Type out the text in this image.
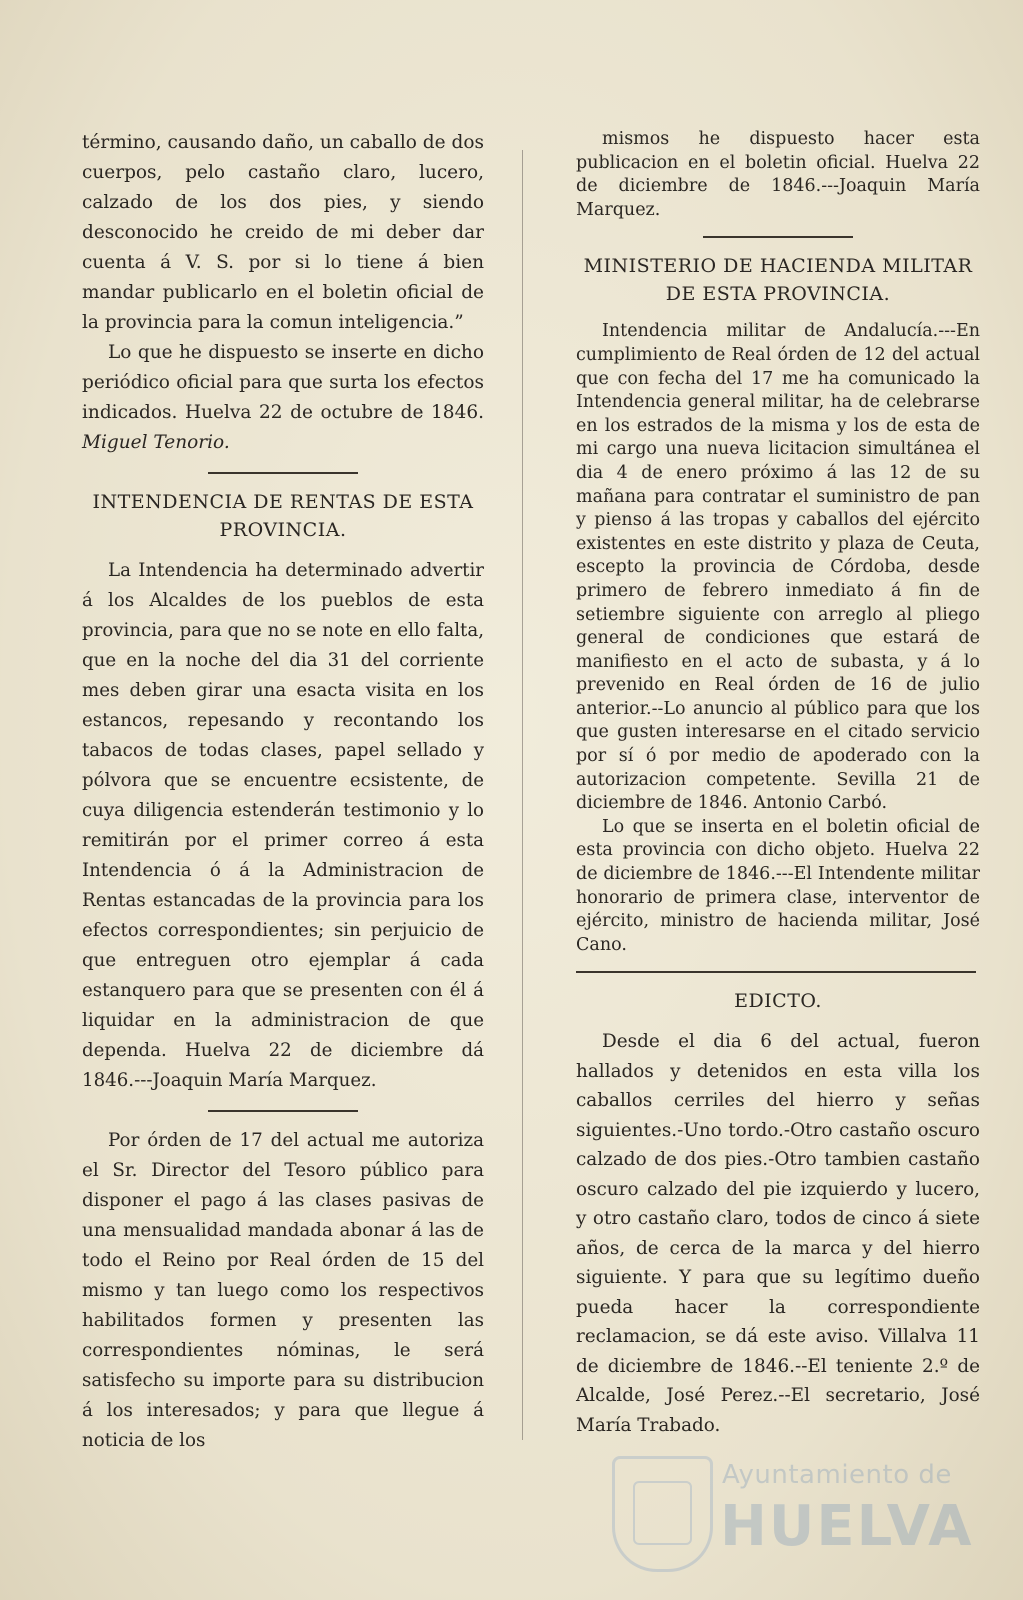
término, causando daño, un caballo de dos cuerpos, pelo castaño claro, lucero, calzado de los dos pies, y siendo desconocido he creido de mi deber dar cuenta á V. S. por si lo tiene á bien mandar publicarlo en el boletin oficial de la provincia para la comun inteligencia.”

Lo que he dispuesto se inserte en dicho periódico oficial para que surta los efectos indicados. Huelva 22 de octubre de 1846. Miguel Tenorio.

INTENDENCIA DE RENTAS DE ESTA PROVINCIA.

La Intendencia ha determinado advertir á los Alcaldes de los pueblos de esta provincia, para que no se note en ello falta, que en la noche del dia 31 del corriente mes deben girar una esacta visita en los estancos, repesando y recontando los tabacos de todas clases, papel sellado y pólvora que se encuentre ecsistente, de cuya diligencia estenderán testimonio y lo remitirán por el primer correo á esta Intendencia ó á la Administracion de Rentas estancadas de la provincia para los efectos correspondientes; sin perjuicio de que entreguen otro ejemplar á cada estanquero para que se presenten con él á liquidar en la administracion de que dependa. Huelva 22 de diciembre dá 1846.---Joaquin María Marquez.

Por órden de 17 del actual me autoriza el Sr. Director del Tesoro público para disponer el pago á las clases pasivas de una mensualidad mandada abonar á las de todo el Reino por Real órden de 15 del mismo y tan luego como los respectivos habilitados formen y presenten las correspondientes nóminas, le será satisfecho su importe para su distribucion á los interesados; y para que llegue á noticia de los

mismos he dispuesto hacer esta publicacion en el boletin oficial. Huelva 22 de diciembre de 1846.---Joaquin María Marquez.

MINISTERIO DE HACIENDA MILITAR DE ESTA PROVINCIA.

Intendencia militar de Andalucía.---En cumplimiento de Real órden de 12 del actual que con fecha del 17 me ha comunicado la Intendencia general militar, ha de celebrarse en los estrados de la misma y los de esta de mi cargo una nueva licitacion simultánea el dia 4 de enero próximo á las 12 de su mañana para contratar el suministro de pan y pienso á las tropas y caballos del ejército existentes en este distrito y plaza de Ceuta, escepto la provincia de Córdoba, desde primero de febrero inmediato á fin de setiembre siguiente con arreglo al pliego general de condiciones que estará de manifiesto en el acto de subasta, y á lo prevenido en Real órden de 16 de julio anterior.--Lo anuncio al público para que los que gusten interesarse en el citado servicio por sí ó por medio de apoderado con la autorizacion competente. Sevilla 21 de diciembre de 1846. Antonio Carbó.

Lo que se inserta en el boletin oficial de esta provincia con dicho objeto. Huelva 22 de diciembre de 1846.---El Intendente militar honorario de primera clase, interventor de ejército, ministro de hacienda militar, José Cano.

EDICTO.

Desde el dia 6 del actual, fueron hallados y detenidos en esta villa los caballos cerriles del hierro y señas siguientes.-Uno tordo.-Otro castaño oscuro calzado de dos pies.-Otro tambien castaño oscuro calzado del pie izquierdo y lucero, y otro castaño claro, todos de cinco á siete años, de cerca de la marca y del hierro siguiente. Y para que su legítimo dueño pueda hacer la correspondiente reclamacion, se dá este aviso. Villalva 11 de diciembre de 1846.--El teniente 2.º de Alcalde, José Perez.--El secretario, José María Trabado.

Ayuntamiento de
HUELVA
